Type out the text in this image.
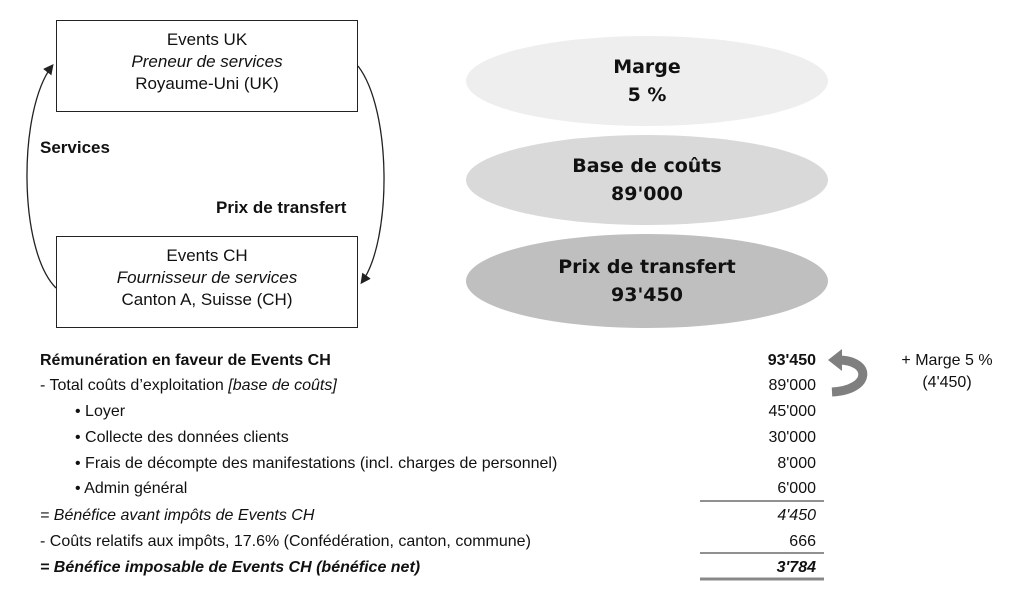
Events UK
Preneur de services
Royaume-Uni (UK)
Events CH
Fournisseur de services
Canton A, Suisse (CH)
Services
Prix de transfert
Marge
5 %
Base de coûts
89'000
Prix de transfert
93'450
Rémunération en faveur de Events CH	93'450
- Total coûts d’exploitation [base de coûts]	89'000
• Loyer	45'000
• Collecte des données clients	30'000
• Frais de décompte des manifestations (incl. charges de personnel)	8'000
• Admin général	6'000
= Bénéfice avant impôts de Events CH	4'450
- Coûts relatifs aux impôts, 17.6% (Confédération, canton, commune)	666
= Bénéfice imposable de Events CH (bénéfice net)	3'784
+ Marge 5 %
(4'450)
